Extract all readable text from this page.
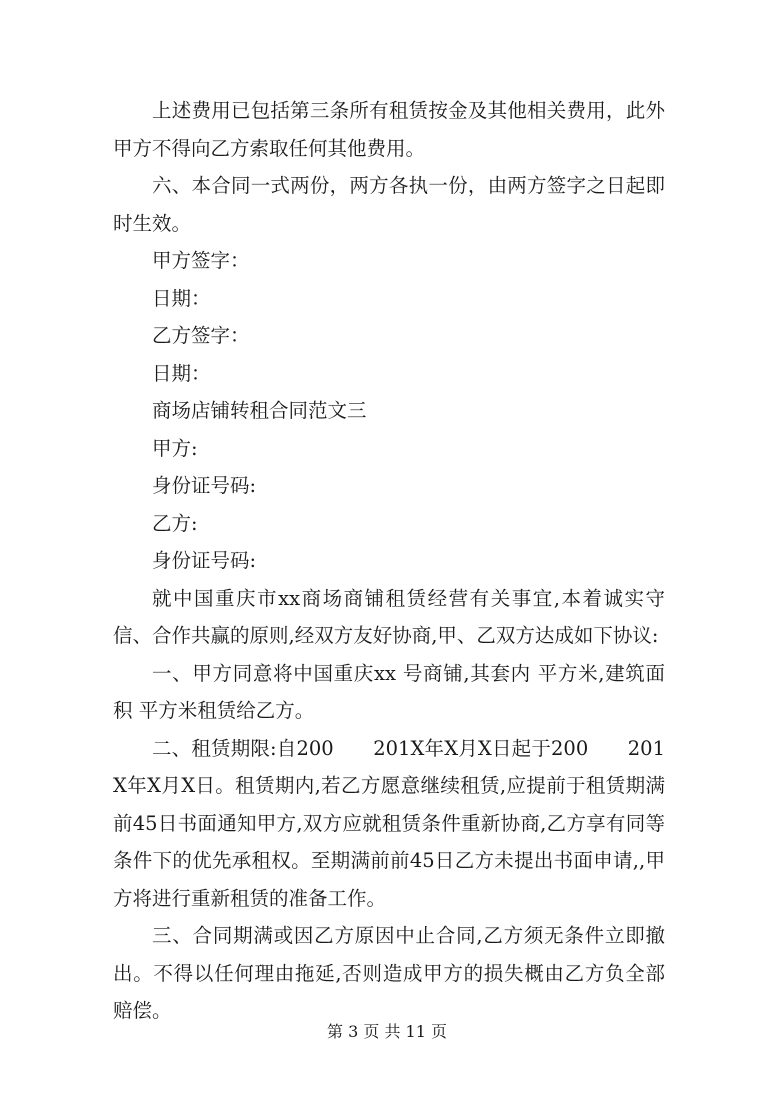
上述费用已包括第三条所有租赁按金及其他相关费用，此外甲方不得向乙方索取任何其他费用。

六、本合同一式两份，两方各执一份，由两方签字之日起即时生效。

甲方签字：

日期：

乙方签字：

日期：

商场店铺转租合同范文三

甲方:

身份证号码:

乙方:

身份证号码:

就中国重庆市xx商场商铺租赁经营有关事宜,本着诚实守信、合作共赢的原则,经双方友好协商,甲、乙双方达成如下协议:

一、甲方同意将中国重庆xx 号商铺,其套内 平方米,建筑面积 平方米租赁给乙方。

二、租赁期限:自200　　201X年X月X日起于200　　201X年X月X日。租赁期内,若乙方愿意继续租赁,应提前于租赁期满前45日书面通知甲方,双方应就租赁条件重新协商,乙方享有同等条件下的优先承租权。至期满前前45日乙方未提出书面申请,,甲方将进行重新租赁的准备工作。

三、合同期满或因乙方原因中止合同,乙方须无条件立即撤出。不得以任何理由拖延,否则造成甲方的损失概由乙方负全部赔偿。

第 3 页 共 11 页
